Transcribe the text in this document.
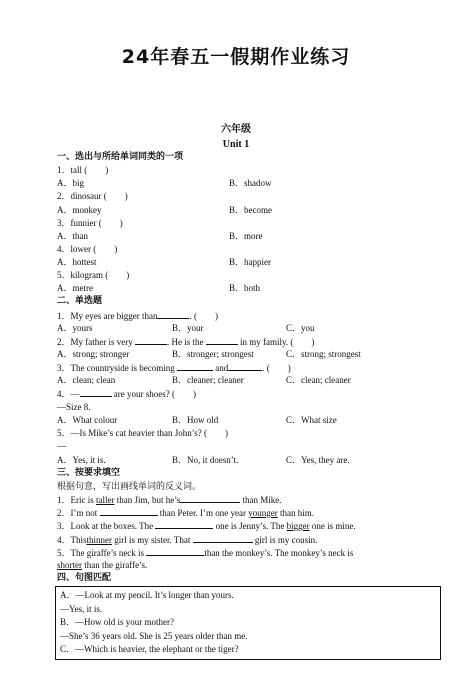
24年春五一假期作业练习
六年级
Unit 1
一、选出与所给单词同类的一项
1．tall (　　)
A．big	B．shadow
2．dinosaur (　　)
A．monkey	B．become
3．funnier (　　)
A．than	B．more
4．lower (　　)
A．hottest	B．happier
5．kilogram (　　)
A．metre	B．both
二、单选题
1．My eyes are bigger than	. (　　)
A．yours	B．your	C．you
2．My father is very	. He is the	in my family. (　　)
A．strong; stronger	B．stronger; strongest	C．strong; strongest
3．The countryside is becoming	and	. (　　)
A．clean; clean	B．cleaner; cleaner	C．clean; cleaner
4．—	are your shoes? (　　)
—Size 8.
A．What colour	B．How old	C．What size
5．—Is Mike’s cat heavier than John’s? (　　)
—
A．Yes, it is.	B．No, it doesn’t.	C．Yes, they are.
三、按要求填空
根据句意，写出画线单词的反义词。
1．Eric is taller than Jim, but he’s	than Mike.
2．I’m not	than Peter. I’m one year younger than him.
3．Look at the boxes. The	one is Jenny’s. The bigger one is mine.
4．Thisthinner girl is my sister. That	girl is my cousin.
5．The giraffe’s neck is	than the monkey’s. The monkey’s neck is
shorter than the giraffe’s.
四、句图匹配
A．—Look at my pencil. It’s longer than yours.
—Yes, it is.
B．—How old is your mother?
—She’s 36 years old. She is 25 years older than me.
C．—Which is heavier, the elephant or the tiger?
